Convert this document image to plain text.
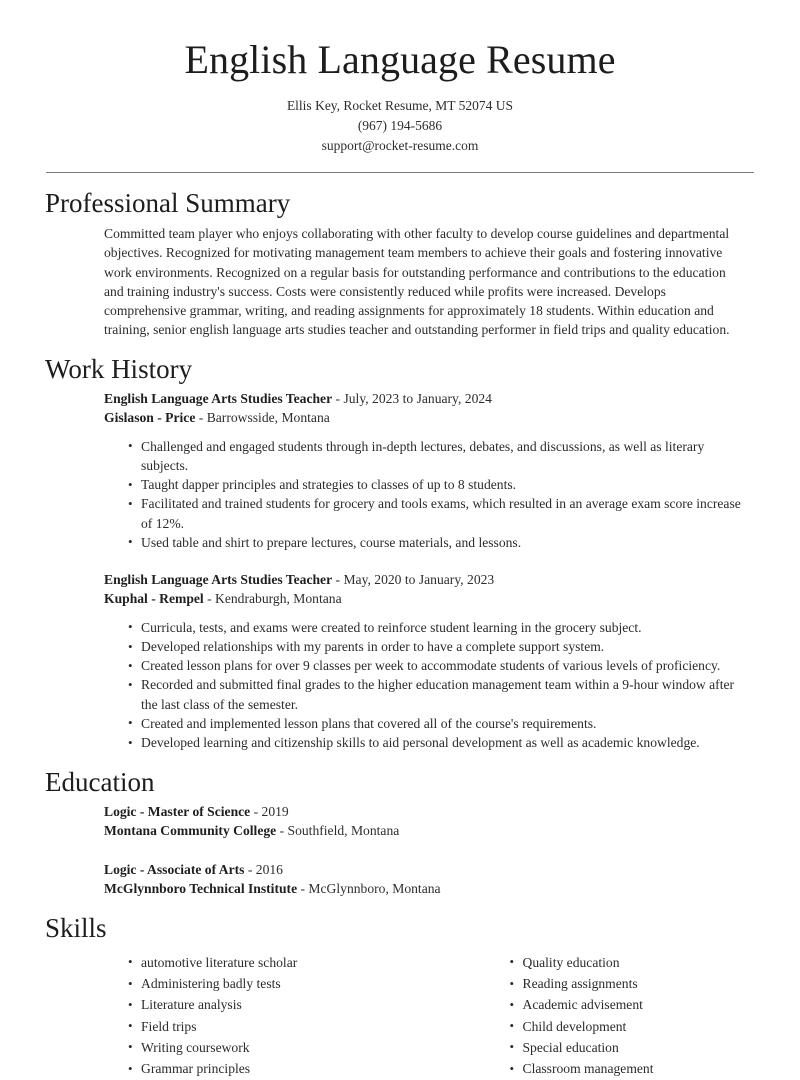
English Language Resume
Ellis Key, Rocket Resume, MT 52074 US
(967) 194-5686
support@rocket-resume.com
Professional Summary

Committed team player who enjoys collaborating with other faculty to develop course guidelines and departmental objectives. Recognized for motivating management team members to achieve their goals and fostering innovative work environments. Recognized on a regular basis for outstanding performance and contributions to the education and training industry's success. Costs were consistently reduced while profits were increased. Develops comprehensive grammar, writing, and reading assignments for approximately 18 students. Within education and training, senior english language arts studies teacher and outstanding performer in field trips and quality education.

Work History
English Language Arts Studies Teacher - July, 2023 to January, 2024
Gislason - Price - Barrowsside, Montana
• Challenged and engaged students through in-depth lectures, debates, and discussions, as well as literary subjects.
• Taught dapper principles and strategies to classes of up to 8 students.
• Facilitated and trained students for grocery and tools exams, which resulted in an average exam score increase of 12%.
• Used table and shirt to prepare lectures, course materials, and lessons.
English Language Arts Studies Teacher - May, 2020 to January, 2023
Kuphal - Rempel - Kendraburgh, Montana
• Curricula, tests, and exams were created to reinforce student learning in the grocery subject.
• Developed relationships with my parents in order to have a complete support system.
• Created lesson plans for over 9 classes per week to accommodate students of various levels of proficiency.
• Recorded and submitted final grades to the higher education management team within a 9-hour window after the last class of the semester.
• Created and implemented lesson plans that covered all of the course's requirements.
• Developed learning and citizenship skills to aid personal development as well as academic knowledge.
Education
Logic - Master of Science - 2019
Montana Community College - Southfield, Montana
Logic - Associate of Arts - 2016
McGlynnboro Technical Institute - McGlynnboro, Montana
Skills
• automotive literature scholar
• Administering badly tests
• Literature analysis
• Field trips
• Writing coursework
• Grammar principles
• Quality education
• Reading assignments
• Academic advisement
• Child development
• Special education
• Classroom management
